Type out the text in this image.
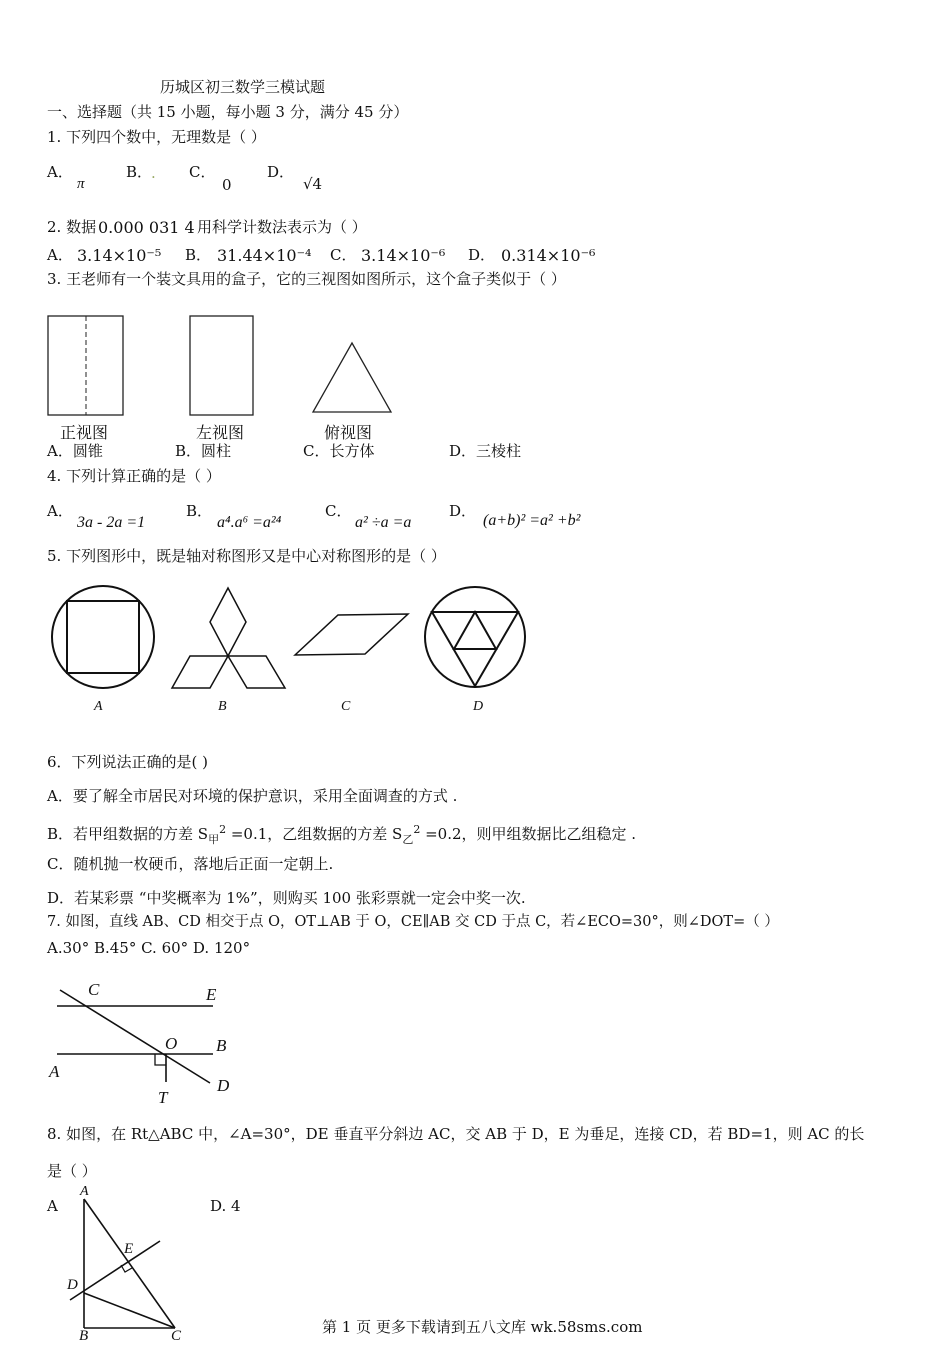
历城区初三数学三模试题
一、选择题（共 15 小题，每小题 3 分，满分 45 分）
1. 下列四个数中，无理数是（ ）
A．
π
B．
. C．
0
D．
√4
2. 数据 0.000 031 4 用科学计数法表示为（ ）
A． 3.14×10⁻⁵ B． 31.44×10⁻⁴ C． 3.14×10⁻⁶ D． 0.314×10⁻⁶
3. 王老师有一个装文具用的盒子，它的三视图如图所示，这个盒子类似于（ ）
正视图	左视图	俯视图
A．圆锥	B．圆柱	C．长方体	D．三棱柱
4. 下列计算正确的是（ ）
A．
3a - 2a =1
B．
a⁴.a⁶ =a²⁴
C．
a² ÷a =a
D．
(a+b)² =a² +b²
5. 下列图形中，既是轴对称图形又是中心对称图形的是（ ）
A	B	C	D
6．下列说法正确的是( )
A．要了解全市居民对环境的保护意识，采用全面调查的方式 .
B．若甲组数据的方差 $S_甲^2 =0.1$，乙组数据的方差 $S_乙^2 =0.2$，则甲组数据比乙组稳定 .
C．随机抛一枚硬币，落地后正面一定朝上.
D．若某彩票 “中奖概率为 1%”，则购买 100 张彩票就一定会中奖一次.
7. 如图，直线 AB、CD 相交于点 O，OT⊥AB 于 O，CE∥AB 交 CD 于点 C，若∠ECO=30°，则∠DOT=（ ）
A.30° B.45° C. 60° D. 120°
C	E
O B
A
D
T
8. 如图，在 Rt△ABC 中，∠A=30°，DE 垂直平分斜边 AC，交 AB 于 D，E 为垂足，连接 CD，若 BD=1，则 AC 的长
是（ ）
A	D. 4
A
E
D
B	C	第 1 页 更多下载请到五八文库 wk.58sms.com
